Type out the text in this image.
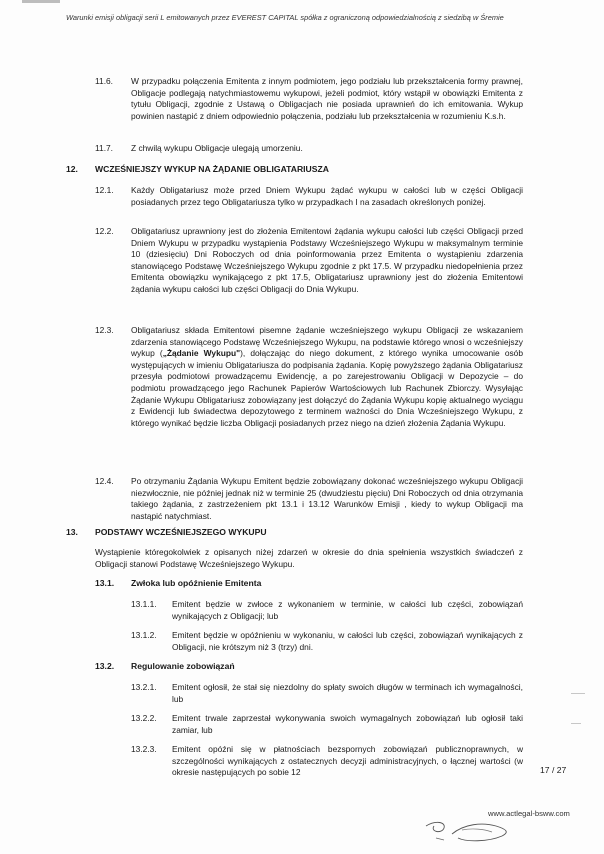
Warunki emisji obligacji serii L emitowanych przez EVEREST CAPITAL spółka z ograniczoną odpowiedzialnością z siedzibą w Śremie
11.6. W przypadku połączenia Emitenta z innym podmiotem, jego podziału lub przekształcenia formy prawnej, Obligacje podlegają natychmiastowemu wykupowi, jeżeli podmiot, który wstąpił w obowiązki Emitenta z tytułu Obligacji, zgodnie z Ustawą o Obligacjach nie posiada uprawnień do ich emitowania. Wykup powinien nastąpić z dniem odpowiednio połączenia, podziału lub przekształcenia w rozumieniu K.s.h.
11.7. Z chwilą wykupu Obligacje ulegają umorzeniu.
12. WCZEŚNIEJSZY WYKUP NA ŻĄDANIE OBLIGATARIUSZA
12.1. Każdy Obligatariusz może przed Dniem Wykupu żądać wykupu w całości lub w części Obligacji posiadanych przez tego Obligatariusza tylko w przypadkach I na zasadach określonych poniżej.
12.2. Obligatariusz uprawniony jest do złożenia Emitentowi żądania wykupu całości lub części Obligacji przed Dniem Wykupu w przypadku wystąpienia Podstawy Wcześniejszego Wykupu w maksymalnym terminie 10 (dziesięciu) Dni Roboczych od dnia poinformowania przez Emitenta o wystąpieniu zdarzenia stanowiącego Podstawę Wcześniejszego Wykupu zgodnie z pkt 17.5. W przypadku niedopełnienia przez Emitenta obowiązku wynikającego z pkt 17.5, Obligatariusz uprawniony jest do złożenia Emitentowi żądania wykupu całości lub części Obligacji do Dnia Wykupu.
12.3. Obligatariusz składa Emitentowi pisemne żądanie wcześniejszego wykupu Obligacji ze wskazaniem zdarzenia stanowiącego Podstawę Wcześniejszego Wykupu, na podstawie którego wnosi o wcześniejszy wykup („Żądanie Wykupu"), dołączając do niego dokument, z którego wynika umocowanie osób występujących w imieniu Obligatariusza do podpisania żądania. Kopię powyższego żądania Obligatariusz przesyła podmiotowi prowadzącemu Ewidencję, a po zarejestrowaniu Obligacji w Depozycie – do podmiotu prowadzącego jego Rachunek Papierów Wartościowych lub Rachunek Zbiorczy. Wysyłając Żądanie Wykupu Obligatariusz zobowiązany jest dołączyć do Żądania Wykupu kopię aktualnego wyciągu z Ewidencji lub świadectwa depozytowego z terminem ważności do Dnia Wcześniejszego Wykupu, z którego wynikać będzie liczba Obligacji posiadanych przez niego na dzień złożenia Żądania Wykupu.
12.4. Po otrzymaniu Żądania Wykupu Emitent będzie zobowiązany dokonać wcześniejszego wykupu Obligacji niezwłocznie, nie później jednak niż w terminie 25 (dwudziestu pięciu) Dni Roboczych od dnia otrzymania takiego żądania, z zastrzeżeniem pkt 13.1 i 13.12 Warunków Emisji , kiedy to wykup Obligacji ma nastąpić natychmiast.
13. PODSTAWY WCZEŚNIEJSZEGO WYKUPU
Wystąpienie któregokolwiek z opisanych niżej zdarzeń w okresie do dnia spełnienia wszystkich świadczeń z Obligacji stanowi Podstawę Wcześniejszego Wykupu.
13.1. Zwłoka lub opóźnienie Emitenta
13.1.1. Emitent będzie w zwłoce z wykonaniem w terminie, w całości lub części, zobowiązań wynikających z Obligacji; lub
13.1.2. Emitent będzie w opóźnieniu w wykonaniu, w całości lub części, zobowiązań wynikających z Obligacji, nie krótszym niż 3 (trzy) dni.
13.2. Regulowanie zobowiązań
13.2.1. Emitent ogłosił, że stał się niezdolny do spłaty swoich długów w terminach ich wymagalności, lub
13.2.2. Emitent trwale zaprzestał wykonywania swoich wymagalnych zobowiązań lub ogłosił taki zamiar, lub
13.2.3. Emitent opóźni się w płatnościach bezspornych zobowiązań publicznoprawnych, w szczególności wynikających z ostatecznych decyzji administracyjnych, o łącznej wartości (w okresie następujących po sobie 12	17 / 27
www.actlegal-bsww.com
